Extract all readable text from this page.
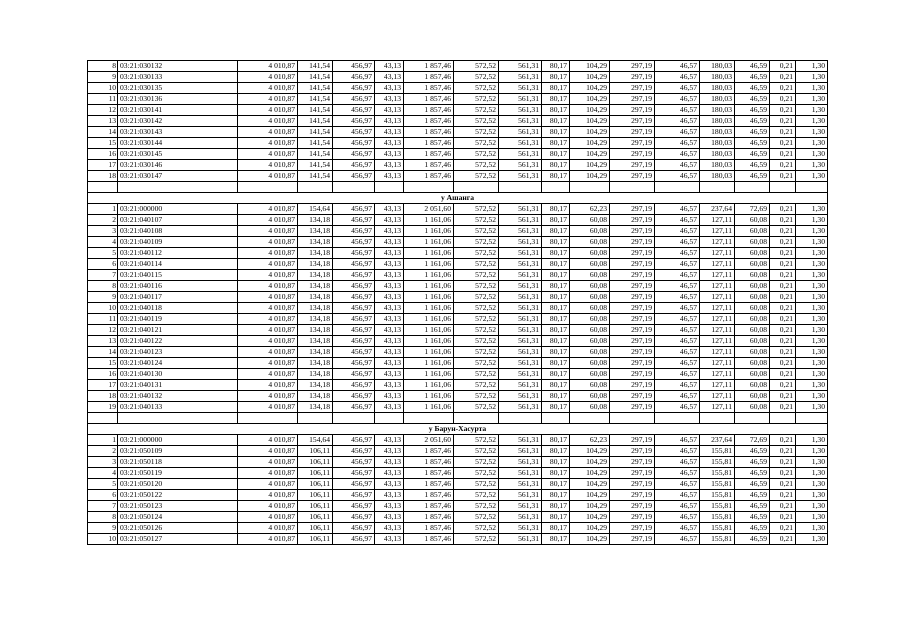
8	03:21:030132	4 010,87	141,54	456,97	43,13	1 857,46	572,52	561,31	80,17	104,29	297,19	46,57	180,03	46,59	0,21	1,30
9	03:21:030133	4 010,87	141,54	456,97	43,13	1 857,46	572,52	561,31	80,17	104,29	297,19	46,57	180,03	46,59	0,21	1,30
10	03:21:030135	4 010,87	141,54	456,97	43,13	1 857,46	572,52	561,31	80,17	104,29	297,19	46,57	180,03	46,59	0,21	1,30
11	03:21:030136	4 010,87	141,54	456,97	43,13	1 857,46	572,52	561,31	80,17	104,29	297,19	46,57	180,03	46,59	0,21	1,30
12	03:21:030141	4 010,87	141,54	456,97	43,13	1 857,46	572,52	561,31	80,17	104,29	297,19	46,57	180,03	46,59	0,21	1,30
13	03:21:030142	4 010,87	141,54	456,97	43,13	1 857,46	572,52	561,31	80,17	104,29	297,19	46,57	180,03	46,59	0,21	1,30
14	03:21:030143	4 010,87	141,54	456,97	43,13	1 857,46	572,52	561,31	80,17	104,29	297,19	46,57	180,03	46,59	0,21	1,30
15	03:21:030144	4 010,87	141,54	456,97	43,13	1 857,46	572,52	561,31	80,17	104,29	297,19	46,57	180,03	46,59	0,21	1,30
16	03:21:030145	4 010,87	141,54	456,97	43,13	1 857,46	572,52	561,31	80,17	104,29	297,19	46,57	180,03	46,59	0,21	1,30
17	03:21:030146	4 010,87	141,54	456,97	43,13	1 857,46	572,52	561,31	80,17	104,29	297,19	46,57	180,03	46,59	0,21	1,30
18	03:21:030147	4 010,87	141,54	456,97	43,13	1 857,46	572,52	561,31	80,17	104,29	297,19	46,57	180,03	46,59	0,21	1,30

у Ашанга																
1	03:21:000000	4 010,87	154,64	456,97	43,13	2 051,60	572,52	561,31	80,17	62,23	297,19	46,57	237,64	72,69	0,21	1,30
2	03:21:040107	4 010,87	134,18	456,97	43,13	1 161,06	572,52	561,31	80,17	60,08	297,19	46,57	127,11	60,08	0,21	1,30
3	03:21:040108	4 010,87	134,18	456,97	43,13	1 161,06	572,52	561,31	80,17	60,08	297,19	46,57	127,11	60,08	0,21	1,30
4	03:21:040109	4 010,87	134,18	456,97	43,13	1 161,06	572,52	561,31	80,17	60,08	297,19	46,57	127,11	60,08	0,21	1,30
5	03:21:040112	4 010,87	134,18	456,97	43,13	1 161,06	572,52	561,31	80,17	60,08	297,19	46,57	127,11	60,08	0,21	1,30
6	03:21:040114	4 010,87	134,18	456,97	43,13	1 161,06	572,52	561,31	80,17	60,08	297,19	46,57	127,11	60,08	0,21	1,30
7	03:21:040115	4 010,87	134,18	456,97	43,13	1 161,06	572,52	561,31	80,17	60,08	297,19	46,57	127,11	60,08	0,21	1,30
8	03:21:040116	4 010,87	134,18	456,97	43,13	1 161,06	572,52	561,31	80,17	60,08	297,19	46,57	127,11	60,08	0,21	1,30
9	03:21:040117	4 010,87	134,18	456,97	43,13	1 161,06	572,52	561,31	80,17	60,08	297,19	46,57	127,11	60,08	0,21	1,30
10	03:21:040118	4 010,87	134,18	456,97	43,13	1 161,06	572,52	561,31	80,17	60,08	297,19	46,57	127,11	60,08	0,21	1,30
11	03:21:040119	4 010,87	134,18	456,97	43,13	1 161,06	572,52	561,31	80,17	60,08	297,19	46,57	127,11	60,08	0,21	1,30
12	03:21:040121	4 010,87	134,18	456,97	43,13	1 161,06	572,52	561,31	80,17	60,08	297,19	46,57	127,11	60,08	0,21	1,30
13	03:21:040122	4 010,87	134,18	456,97	43,13	1 161,06	572,52	561,31	80,17	60,08	297,19	46,57	127,11	60,08	0,21	1,30
14	03:21:040123	4 010,87	134,18	456,97	43,13	1 161,06	572,52	561,31	80,17	60,08	297,19	46,57	127,11	60,08	0,21	1,30
15	03:21:040124	4 010,87	134,18	456,97	43,13	1 161,06	572,52	561,31	80,17	60,08	297,19	46,57	127,11	60,08	0,21	1,30
16	03:21:040130	4 010,87	134,18	456,97	43,13	1 161,06	572,52	561,31	80,17	60,08	297,19	46,57	127,11	60,08	0,21	1,30
17	03:21:040131	4 010,87	134,18	456,97	43,13	1 161,06	572,52	561,31	80,17	60,08	297,19	46,57	127,11	60,08	0,21	1,30
18	03:21:040132	4 010,87	134,18	456,97	43,13	1 161,06	572,52	561,31	80,17	60,08	297,19	46,57	127,11	60,08	0,21	1,30
19	03:21:040133	4 010,87	134,18	456,97	43,13	1 161,06	572,52	561,31	80,17	60,08	297,19	46,57	127,11	60,08	0,21	1,30

у Барун-Хасурта																
1	03:21:000000	4 010,87	154,64	456,97	43,13	2 051,60	572,52	561,31	80,17	62,23	297,19	46,57	237,64	72,69	0,21	1,30
2	03:21:050109	4 010,87	106,11	456,97	43,13	1 857,46	572,52	561,31	80,17	104,29	297,19	46,57	155,81	46,59	0,21	1,30
3	03:21:050118	4 010,87	106,11	456,97	43,13	1 857,46	572,52	561,31	80,17	104,29	297,19	46,57	155,81	46,59	0,21	1,30
4	03:21:050119	4 010,87	106,11	456,97	43,13	1 857,46	572,52	561,31	80,17	104,29	297,19	46,57	155,81	46,59	0,21	1,30
5	03:21:050120	4 010,87	106,11	456,97	43,13	1 857,46	572,52	561,31	80,17	104,29	297,19	46,57	155,81	46,59	0,21	1,30
6	03:21:050122	4 010,87	106,11	456,97	43,13	1 857,46	572,52	561,31	80,17	104,29	297,19	46,57	155,81	46,59	0,21	1,30
7	03:21:050123	4 010,87	106,11	456,97	43,13	1 857,46	572,52	561,31	80,17	104,29	297,19	46,57	155,81	46,59	0,21	1,30
8	03:21:050124	4 010,87	106,11	456,97	43,13	1 857,46	572,52	561,31	80,17	104,29	297,19	46,57	155,81	46,59	0,21	1,30
9	03:21:050126	4 010,87	106,11	456,97	43,13	1 857,46	572,52	561,31	80,17	104,29	297,19	46,57	155,81	46,59	0,21	1,30
10	03:21:050127	4 010,87	106,11	456,97	43,13	1 857,46	572,52	561,31	80,17	104,29	297,19	46,57	155,81	46,59	0,21	1,30
